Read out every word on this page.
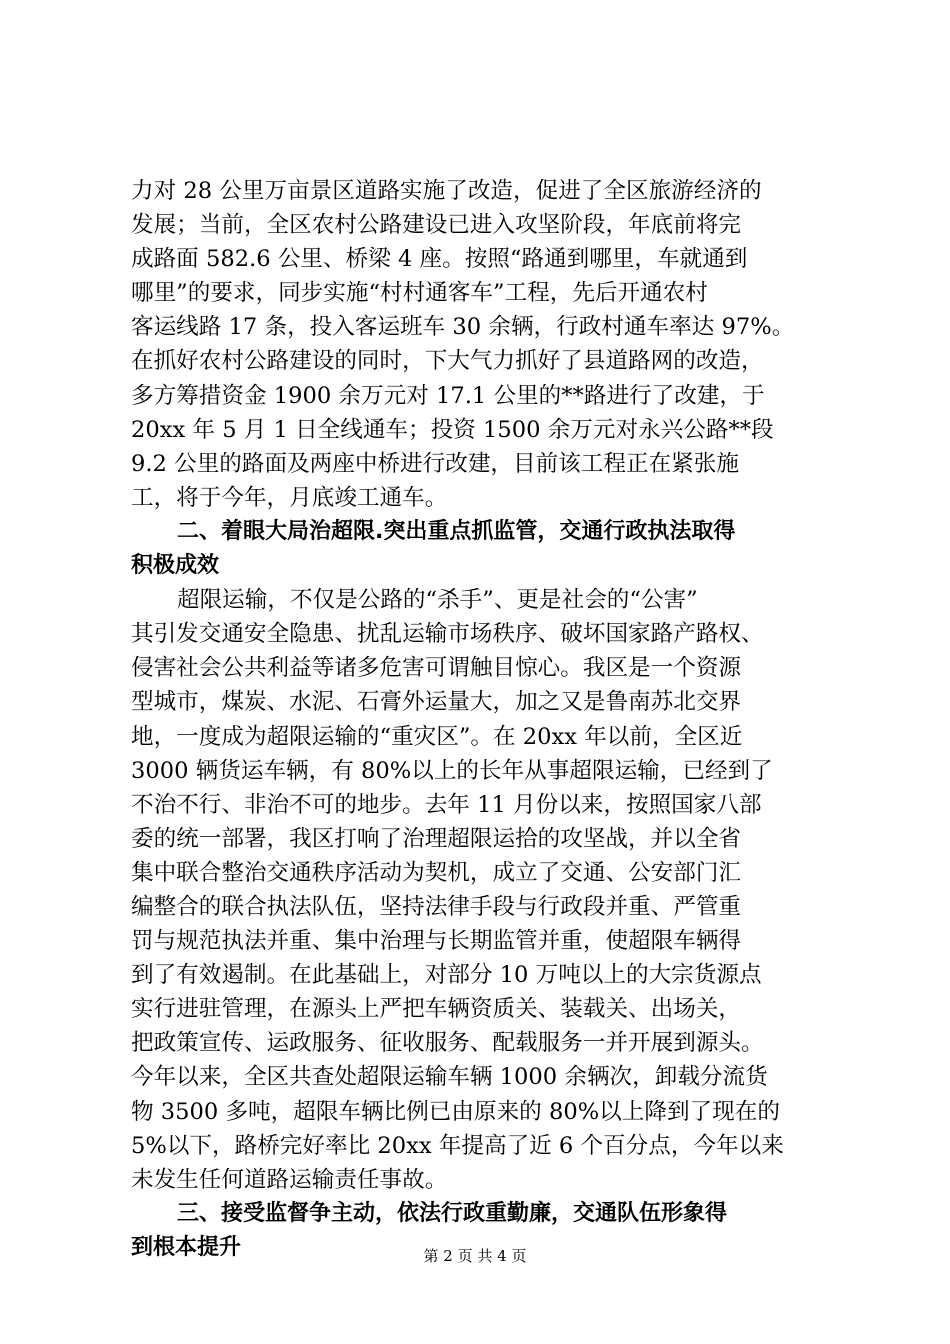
力对 28 公里万亩景区道路实施了改造，促进了全区旅游经济的
发展；当前，全区农村公路建设已进入攻坚阶段，年底前将完
成路面 582.6 公里、桥梁 4 座。按照“路通到哪里，车就通到
哪里”的要求，同步实施“村村通客车”工程，先后开通农村
客运线路 17 条，投入客运班车 30 余辆，行政村通车率达 97%。
在抓好农村公路建设的同时，下大气力抓好了县道路网的改造，
多方筹措资金 1900 余万元对 17.1 公里的**路进行了改建，于
20xx 年 5 月 1 日全线通车；投资 1500 余万元对永兴公路**段
9.2 公里的路面及两座中桥进行改建，目前该工程正在紧张施
工，将于今年，月底竣工通车。
二、着眼大局治超限.突出重点抓监管，交通行政执法取得
积极成效
超限运输，不仅是公路的“杀手”、更是社会的“公害”
其引发交通安全隐患、扰乱运输市场秩序、破坏国家路产路权、
侵害社会公共利益等诸多危害可谓触目惊心。我区是一个资源
型城市，煤炭、水泥、石膏外运量大，加之又是鲁南苏北交界
地，一度成为超限运输的“重灾区”。在 20xx 年以前，全区近
3000 辆货运车辆，有 80%以上的长年从事超限运输，已经到了
不治不行、非治不可的地步。去年 11 月份以来，按照国家八部
委的统一部署，我区打响了治理超限运拾的攻坚战，并以全省
集中联合整治交通秩序活动为契机，成立了交通、公安部门汇
编整合的联合执法队伍，坚持法律手段与行政段并重、严管重
罚与规范执法并重、集中治理与长期监管并重，使超限车辆得
到了有效遏制。在此基础上，对部分 10 万吨以上的大宗货源点
实行进驻管理，在源头上严把车辆资质关、装载关、出场关，
把政策宣传、运政服务、征收服务、配载服务一并开展到源头。
今年以来，全区共查处超限运输车辆 1000 余辆次，卸载分流货
物 3500 多吨，超限车辆比例已由原来的 80%以上降到了现在的
5%以下，路桥完好率比 20xx 年提高了近 6 个百分点，今年以来
未发生任何道路运输责任事故。
三、接受监督争主动，依法行政重勤廉，交通队伍形象得
到根本提升	第 2 页 共 4 页
